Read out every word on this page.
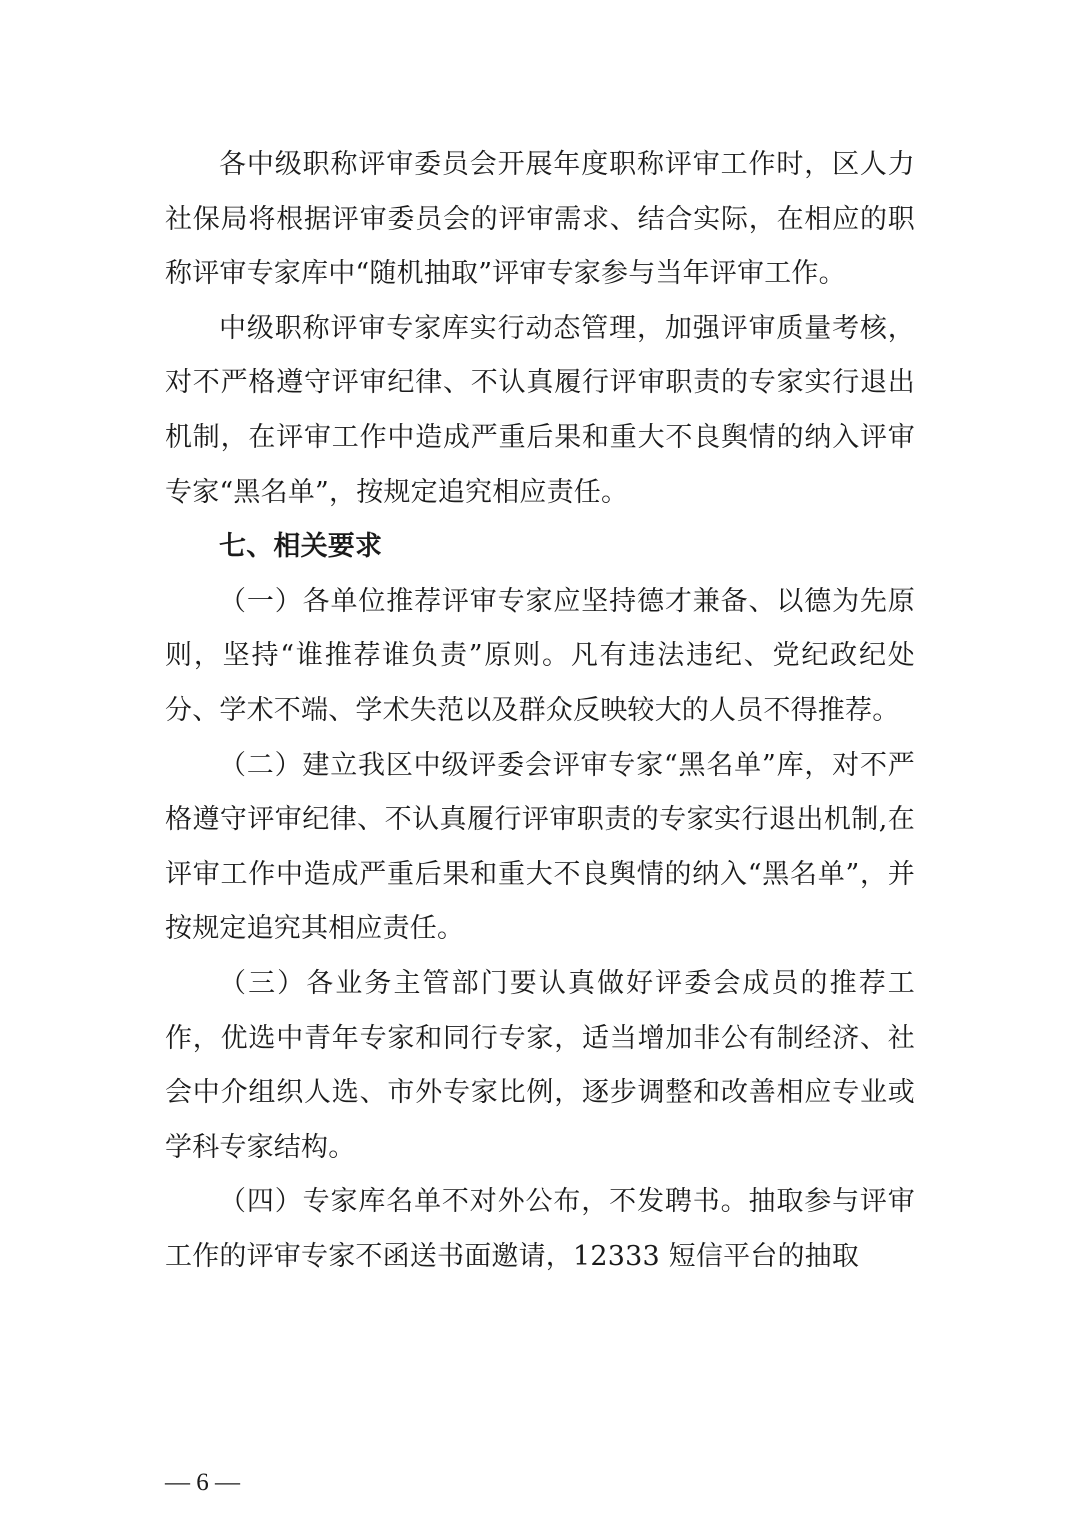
各中级职称评审委员会开展年度职称评审工作时，区人力社保局将根据评审委员会的评审需求、结合实际，在相应的职称评审专家库中“随机抽取”评审专家参与当年评审工作。

中级职称评审专家库实行动态管理，加强评审质量考核，对不严格遵守评审纪律、不认真履行评审职责的专家实行退出机制，在评审工作中造成严重后果和重大不良舆情的纳入评审专家“黑名单”，按规定追究相应责任。

七、相关要求

（一）各单位推荐评审专家应坚持德才兼备、以德为先原则，坚持“谁推荐谁负责”原则。凡有违法违纪、党纪政纪处分、学术不端、学术失范以及群众反映较大的人员不得推荐。

（二）建立我区中级评委会评审专家“黑名单”库，对不严格遵守评审纪律、不认真履行评审职责的专家实行退出机制,在评审工作中造成严重后果和重大不良舆情的纳入“黑名单”，并按规定追究其相应责任。

（三）各业务主管部门要认真做好评委会成员的推荐工作，优选中青年专家和同行专家，适当增加非公有制经济、社会中介组织人选、市外专家比例，逐步调整和改善相应专业或学科专家结构。

（四）专家库名单不对外公布，不发聘书。抽取参与评审工作的评审专家不函送书面邀请，12333 短信平台的抽取

— 6 —
